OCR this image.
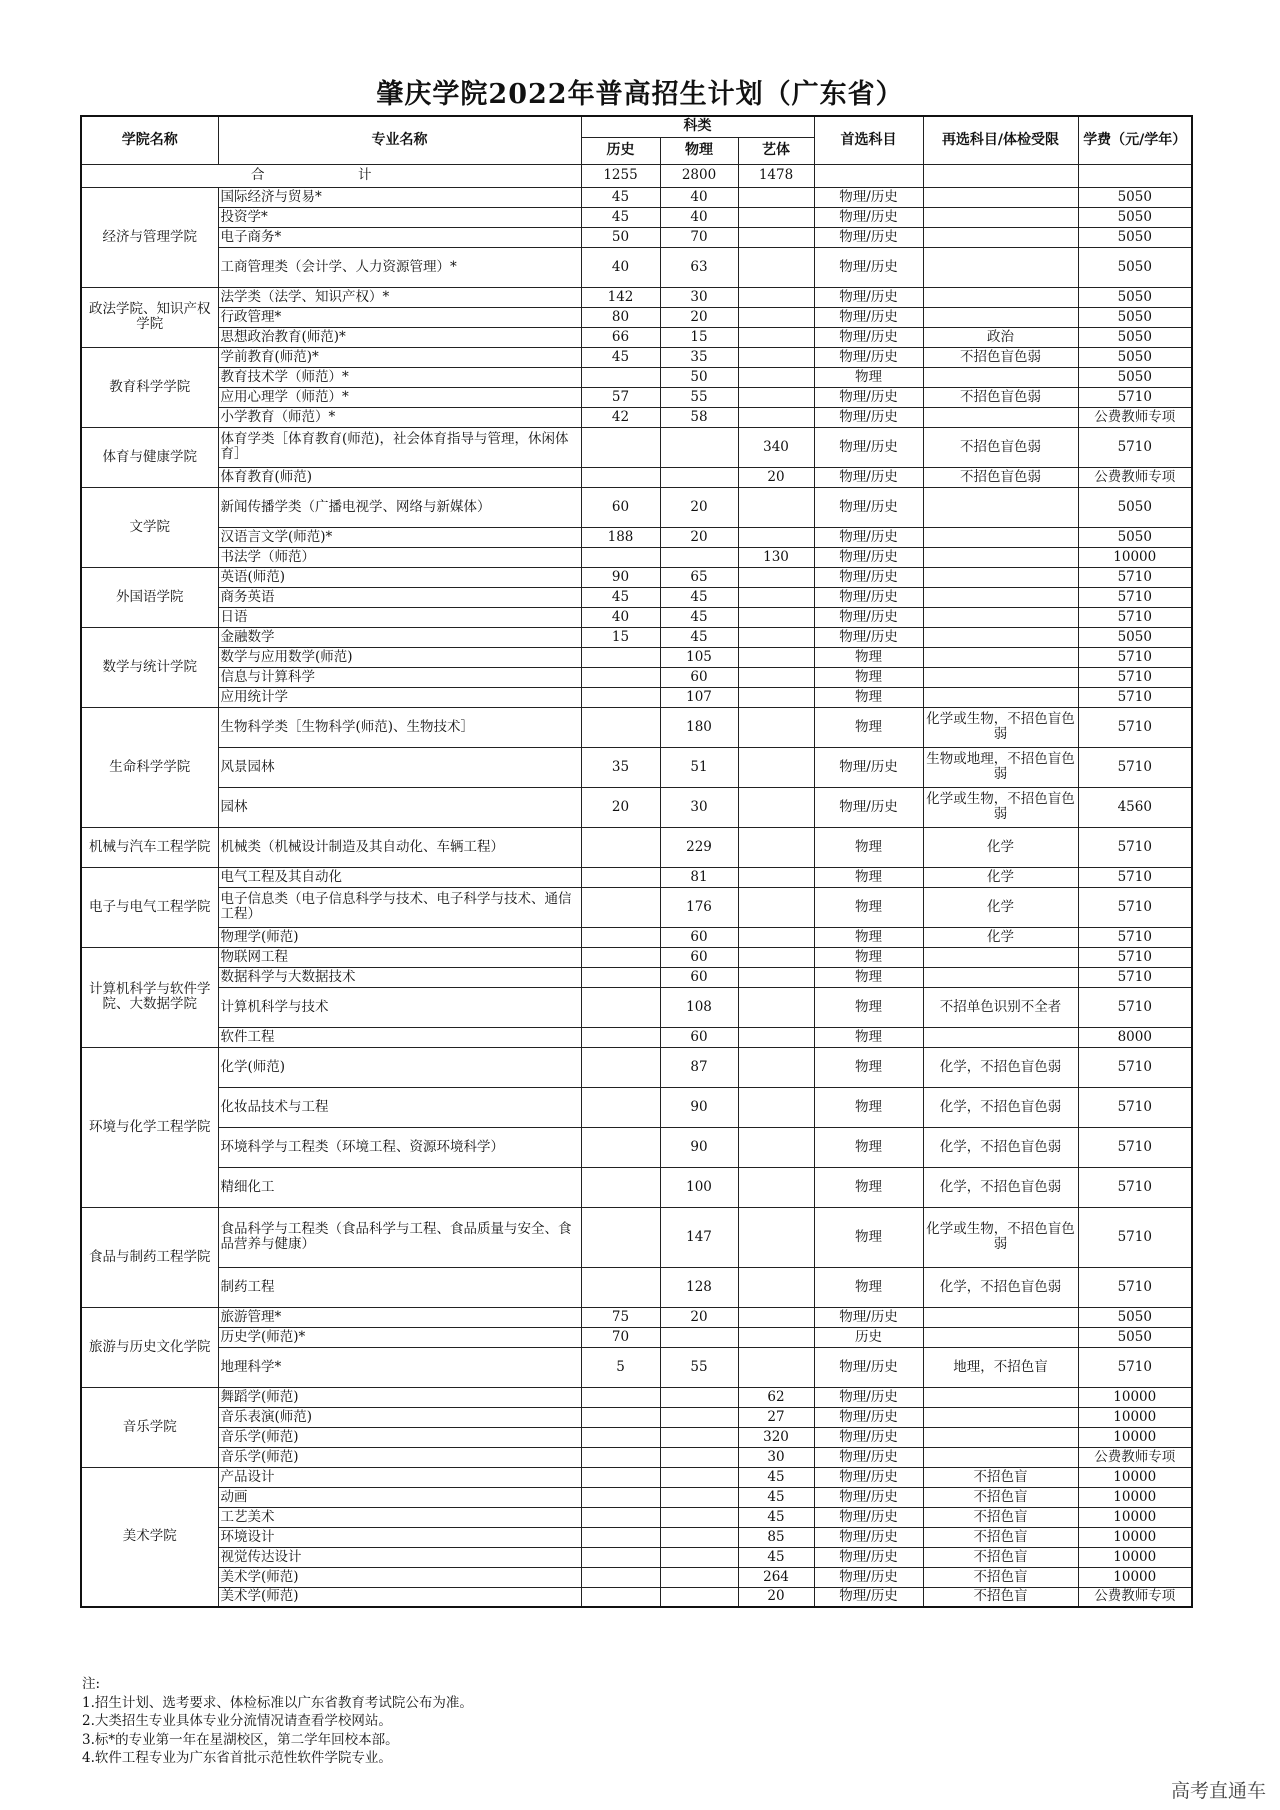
肇庆学院2022年普高招生计划（广东省）
学院名称	专业名称	科类			首选科目	再选科目/体检受限	学费（元/学年）
		历史	物理	艺体			
合　计		1255	2800	1478			
经济与管理学院	国际经济与贸易*	45	40		物理/历史		5050
	投资学*	45	40		物理/历史		5050
	电子商务*	50	70		物理/历史		5050
	工商管理类（会计学、人力资源管理）*	40	63		物理/历史		5050
政法学院、知识产权学院	法学类（法学、知识产权）*	142	30		物理/历史		5050
	行政管理*	80	20		物理/历史		5050
	思想政治教育(师范)*	66	15		物理/历史	政治	5050
教育科学学院	学前教育(师范)*	45	35		物理/历史	不招色盲色弱	5050
	教育技术学（师范）*		50		物理		5050
	应用心理学（师范）*	57	55		物理/历史	不招色盲色弱	5710
	小学教育（师范）*	42	58		物理/历史		公费教师专项
体育与健康学院	体育学类［体育教育(师范)，社会体育指导与管理，休闲体育］			340	物理/历史	不招色盲色弱	5710
	体育教育(师范)			20	物理/历史	不招色盲色弱	公费教师专项
文学院	新闻传播学类（广播电视学、网络与新媒体）	60	20		物理/历史		5050
	汉语言文学(师范)*	188	20		物理/历史		5050
	书法学（师范）			130	物理/历史		10000
外国语学院	英语(师范)	90	65		物理/历史		5710
	商务英语	45	45		物理/历史		5710
	日语	40	45		物理/历史		5710
数学与统计学院	金融数学	15	45		物理/历史		5050
	数学与应用数学(师范)		105		物理		5710
	信息与计算科学		60		物理		5710
	应用统计学		107		物理		5710
生命科学学院	生物科学类［生物科学(师范)、生物技术］		180		物理	化学或生物，不招色盲色弱	5710
	风景园林	35	51		物理/历史	生物或地理，不招色盲色弱	5710
	园林	20	30		物理/历史	化学或生物，不招色盲色弱	4560
机械与汽车工程学院	机械类（机械设计制造及其自动化、车辆工程）		229		物理	化学	5710
电子与电气工程学院	电气工程及其自动化		81		物理	化学	5710
	电子信息类（电子信息科学与技术、电子科学与技术、通信工程）		176		物理	化学	5710
	物理学(师范)		60		物理	化学	5710
计算机科学与软件学院、大数据学院	物联网工程		60		物理		5710
	数据科学与大数据技术		60		物理		5710
	计算机科学与技术		108		物理	不招单色识别不全者	5710
	软件工程		60		物理		8000
环境与化学工程学院	化学(师范)		87		物理	化学，不招色盲色弱	5710
	化妆品技术与工程		90		物理	化学，不招色盲色弱	5710
	环境科学与工程类（环境工程、资源环境科学）		90		物理	化学，不招色盲色弱	5710
	精细化工		100		物理	化学，不招色盲色弱	5710
食品与制药工程学院	食品科学与工程类（食品科学与工程、食品质量与安全、食品营养与健康）		147		物理	化学或生物，不招色盲色弱	5710
	制药工程		128		物理	化学，不招色盲色弱	5710
旅游与历史文化学院	旅游管理*	75	20		物理/历史		5050
	历史学(师范)*	70			历史		5050
	地理科学*	5	55		物理/历史	地理，不招色盲	5710
音乐学院	舞蹈学(师范)			62	物理/历史		10000
	音乐表演(师范)			27	物理/历史		10000
	音乐学(师范)			320	物理/历史		10000
	音乐学(师范)			30	物理/历史		公费教师专项
美术学院	产品设计			45	物理/历史	不招色盲	10000
	动画			45	物理/历史	不招色盲	10000
	工艺美术			45	物理/历史	不招色盲	10000
	环境设计			85	物理/历史	不招色盲	10000
	视觉传达设计			45	物理/历史	不招色盲	10000
	美术学(师范)			264	物理/历史	不招色盲	10000
	美术学(师范)			20	物理/历史	不招色盲	公费教师专项
注:
1.招生计划、选考要求、体检标准以广东省教育考试院公布为准。
2.大类招生专业具体专业分流情况请查看学校网站。
3.标*的专业第一年在星湖校区，第二学年回校本部。
4.软件工程专业为广东省首批示范性软件学院专业。
高考直通车
